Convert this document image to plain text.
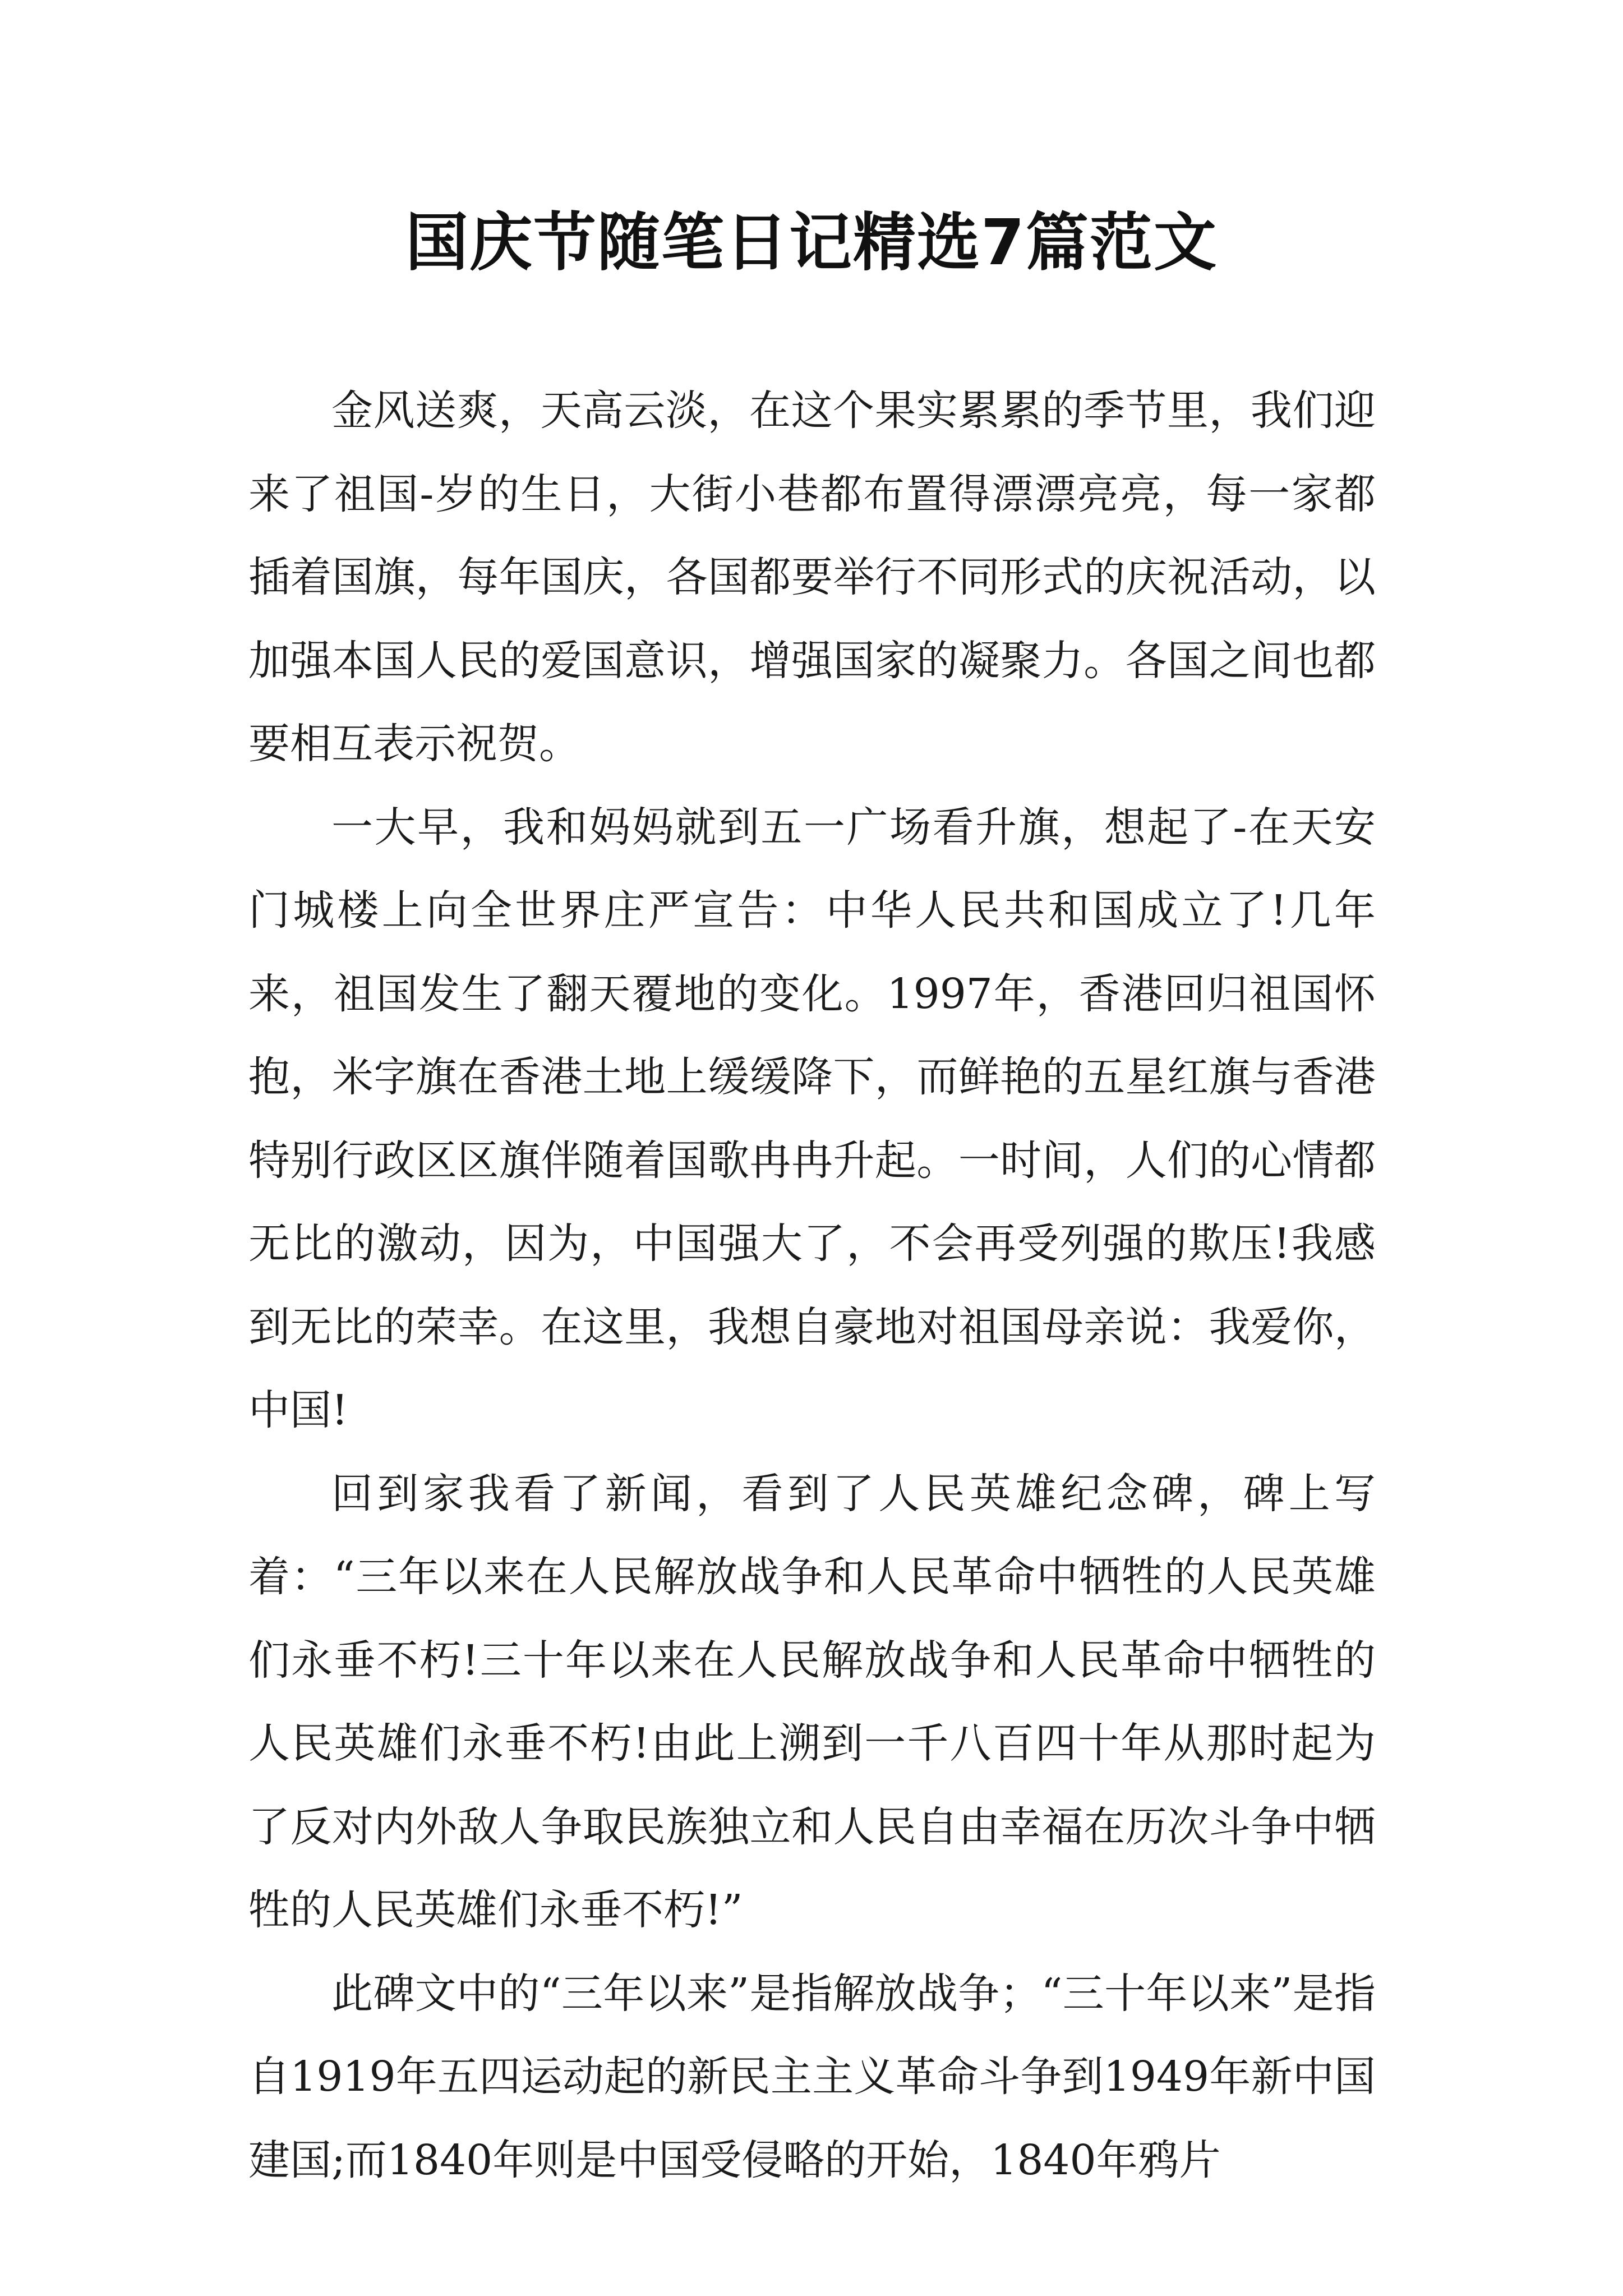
国庆节随笔日记精选7篇范文

金风送爽，天高云淡，在这个果实累累的季节里，我们迎来了祖国-岁的生日，大街小巷都布置得漂漂亮亮，每一家都插着国旗，每年国庆，各国都要举行不同形式的庆祝活动，以加强本国人民的爱国意识，增强国家的凝聚力。各国之间也都要相互表示祝贺。

一大早，我和妈妈就到五一广场看升旗，想起了-在天安门城楼上向全世界庄严宣告：中华人民共和国成立了!几年来，祖国发生了翻天覆地的变化。1997年，香港回归祖国怀抱，米字旗在香港土地上缓缓降下，而鲜艳的五星红旗与香港特别行政区区旗伴随着国歌冉冉升起。一时间，人们的心情都无比的激动，因为，中国强大了，不会再受列强的欺压!我感到无比的荣幸。在这里，我想自豪地对祖国母亲说：我爱你，中国!

回到家我看了新闻，看到了人民英雄纪念碑，碑上写着：“三年以来在人民解放战争和人民革命中牺牲的人民英雄们永垂不朽!三十年以来在人民解放战争和人民革命中牺牲的人民英雄们永垂不朽!由此上溯到一千八百四十年从那时起为了反对内外敌人争取民族独立和人民自由幸福在历次斗争中牺牲的人民英雄们永垂不朽!”

此碑文中的“三年以来”是指解放战争；“三十年以来”是指自1919年五四运动起的新民主主义革命斗争到1949年新中国建国;而1840年则是中国受侵略的开始，1840年鸦片
